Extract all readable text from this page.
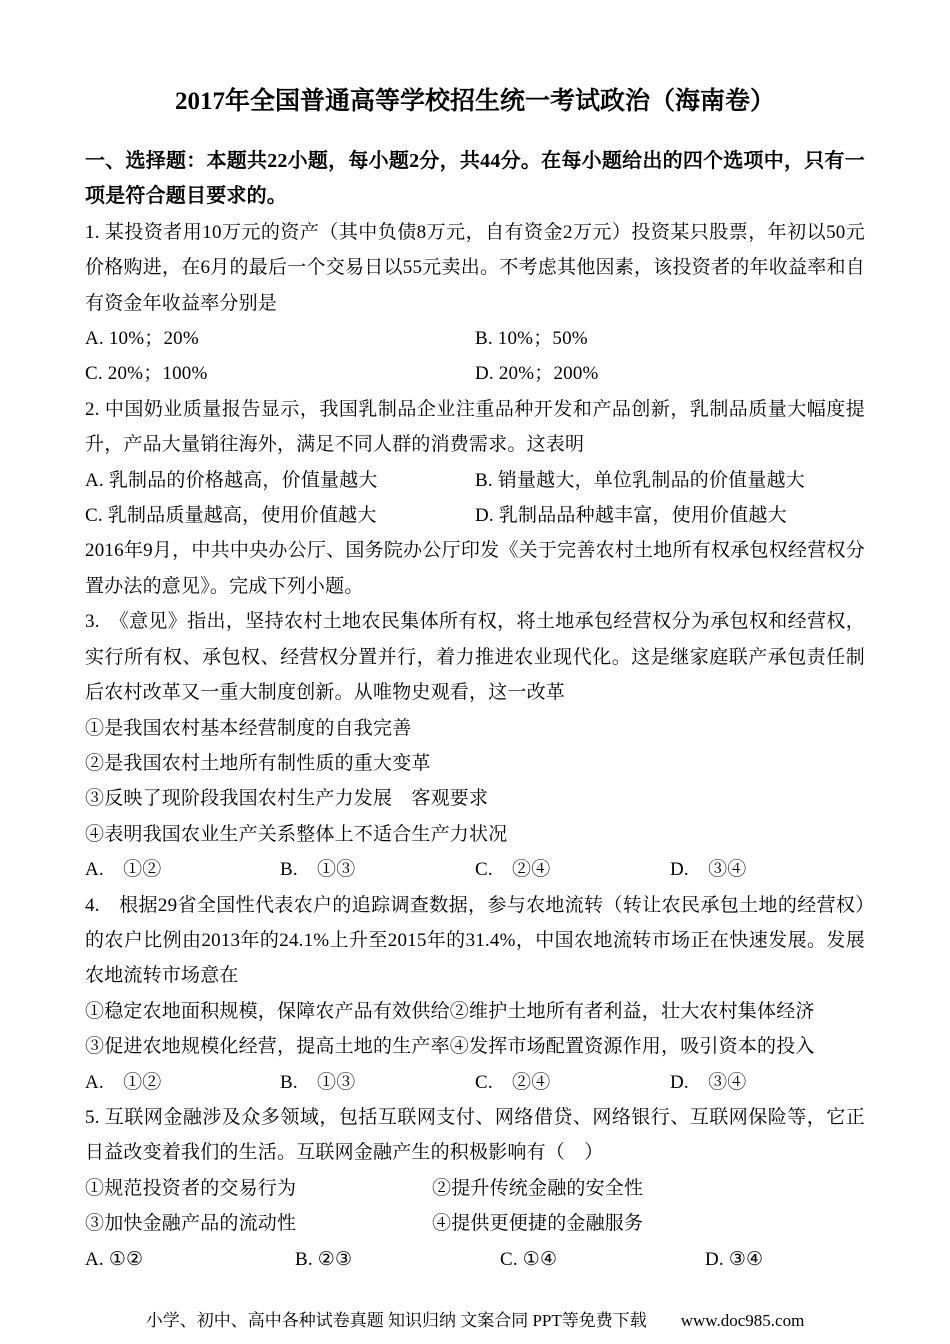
2017年全国普通高等学校招生统一考试政治（海南卷）

一、选择题：本题共22小题，每小题2分，共44分。在每小题给出的四个选项中，只有一项是符合题目要求的。

1. 某投资者用10万元的资产（其中负债8万元，自有资金2万元）投资某只股票，年初以50元价格购进，在6月的最后一个交易日以55元卖出。不考虑其他因素，该投资者的年收益率和自有资金年收益率分别是

A. 10%；20%	B. 10%；50%
C. 20%；100%	D. 20%；200%

2. 中国奶业质量报告显示，我国乳制品企业注重品种开发和产品创新，乳制品质量大幅度提升，产品大量销往海外，满足不同人群的消费需求。这表明

A. 乳制品的价格越高，价值量越大	B. 销量越大，单位乳制品的价值量越大
C. 乳制品质量越高，使用价值越大	D. 乳制品品种越丰富，使用价值越大

2016年9月，中共中央办公厅、国务院办公厅印发《关于完善农村土地所有权承包权经营权分置办法的意见》。完成下列小题。

3.　《意见》指出，坚持农村土地农民集体所有权，将土地承包经营权分为承包权和经营权，实行所有权、承包权、经营权分置并行，着力推进农业现代化。这是继家庭联产承包责任制后农村改革又一重大制度创新。从唯物史观看，这一改革

①是我国农村基本经营制度的自我完善

②是我国农村土地所有制性质的重大变革

③反映了现阶段我国农村生产力发展　客观要求

④表明我国农业生产关系整体上不适合生产力状况

A.　①②	B.　①③	C.　②④	D.　③④

4.　根据29省全国性代表农户的追踪调查数据，参与农地流转（转让农民承包土地的经营权）的农户比例由2013年的24.1%上升至2015年的31.4%，中国农地流转市场正在快速发展。发展农地流转市场意在

①稳定农地面积规模，保障农产品有效供给②维护土地所有者利益，壮大农村集体经济

③促进农地规模化经营，提高土地的生产率④发挥市场配置资源作用，吸引资本的投入

A.　①②	B.　①③	C.　②④	D.　③④

5. 互联网金融涉及众多领域，包括互联网支付、网络借贷、网络银行、互联网保险等，它正日益改变着我们的生活。互联网金融产生的积极影响有（　）

①规范投资者的交易行为	②提升传统金融的安全性
③加快金融产品的流动性	④提供更便捷的金融服务
A. ①②	B. ②③	C. ①④	D. ③④
小学、初中、高中各种试卷真题 知识归纳 文案合同 PPT等免费下载 www.doc985.com
